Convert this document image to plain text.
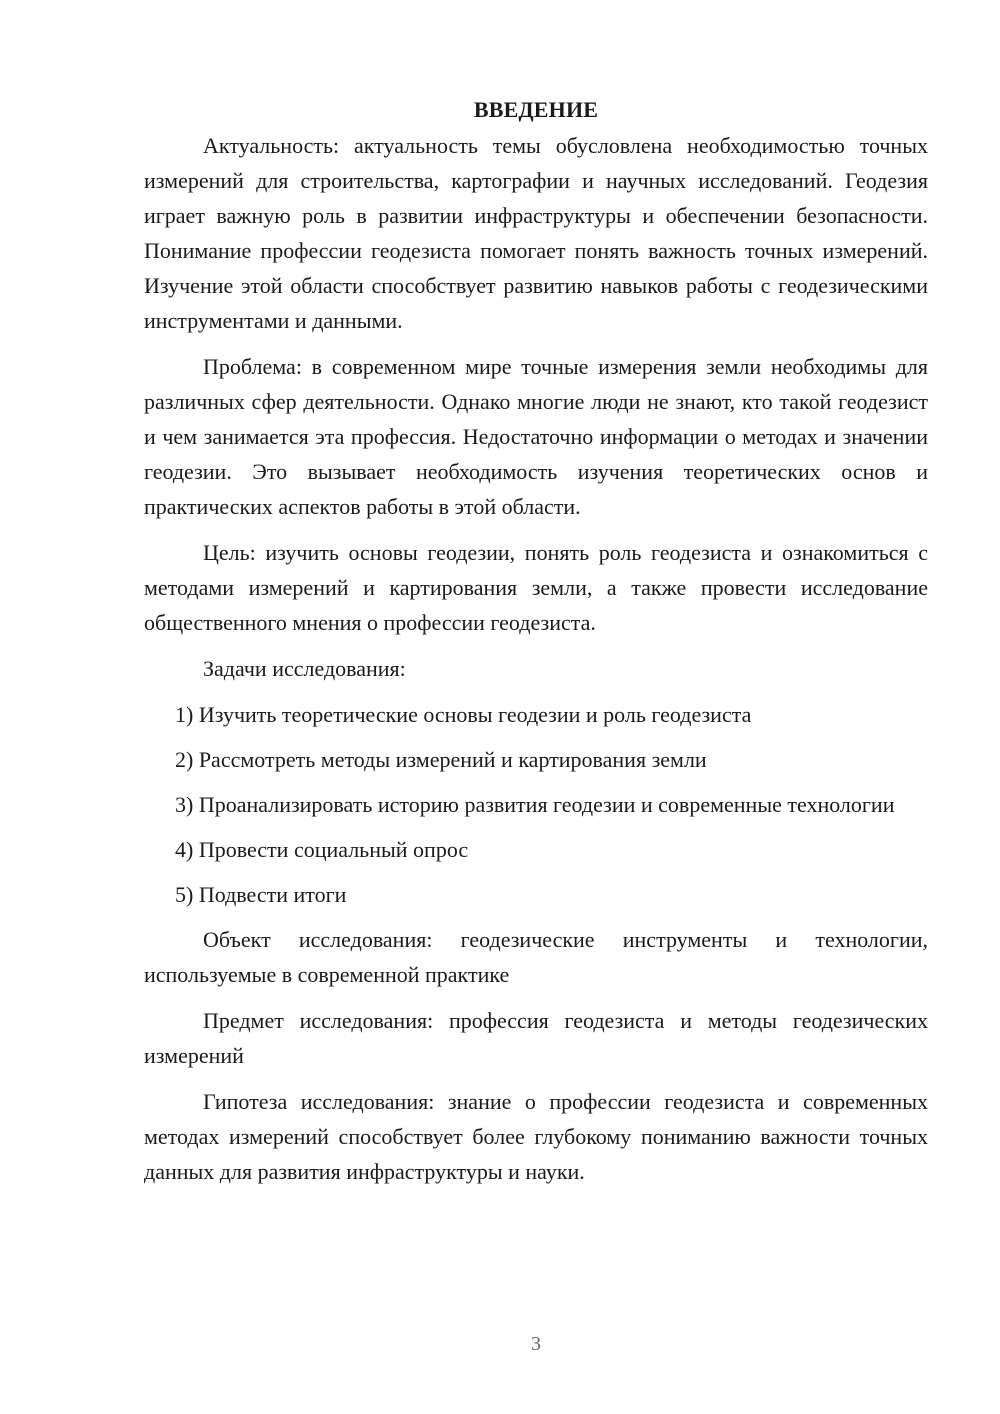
ВВЕДЕНИЕ

Актуальность: актуальность темы обусловлена необходимостью точных измерений для строительства, картографии и научных исследований. Геодезия играет важную роль в развитии инфраструктуры и обеспечении безопасности. Понимание профессии геодезиста помогает понять важность точных измерений. Изучение этой области способствует развитию навыков работы с геодезическими инструментами и данными.

Проблема: в современном мире точные измерения земли необходимы для различных сфер деятельности. Однако многие люди не знают, кто такой геодезист и чем занимается эта профессия. Недостаточно информации о методах и значении геодезии. Это вызывает необходимость изучения теоретических основ и практических аспектов работы в этой области.

Цель: изучить основы геодезии, понять роль геодезиста и ознакомиться с методами измерений и картирования земли, а также провести исследование общественного мнения о профессии геодезиста.

Задачи исследования:

1) Изучить теоретические основы геодезии и роль геодезиста

2) Рассмотреть методы измерений и картирования земли

3) Проанализировать историю развития геодезии и современные технологии

4) Провести социальный опрос

5) Подвести итоги

Объект исследования: геодезические инструменты и технологии, используемые в современной практике

Предмет исследования: профессия геодезиста и методы геодезических измерений

Гипотеза исследования: знание о профессии геодезиста и современных методах измерений способствует более глубокому пониманию важности точных данных для развития инфраструктуры и науки.

3
